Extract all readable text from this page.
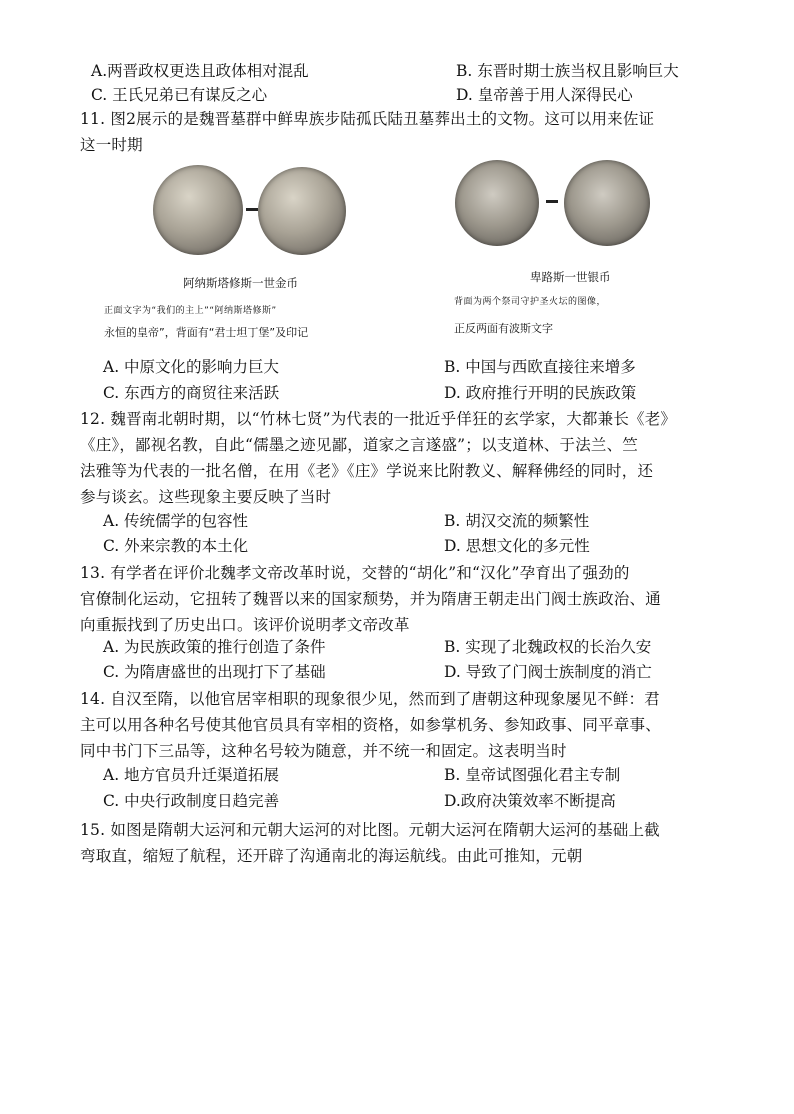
A.两晋政权更迭且政体相对混乱	B. 东晋时期士族当权且影响巨大
C. 王氏兄弟已有谋反之心	D. 皇帝善于用人深得民心
11. 图2展示的是魏晋墓群中鲜卑族步陆孤氏陆丑墓葬出土的文物。这可以用来佐证
这一时期
阿纳斯塔修斯一世金币
正面文字为“我们的主上”“阿纳斯塔修斯”
永恒的皇帝”，背面有“君士坦丁堡”及印记
卑路斯一世银币
背面为两个祭司守护圣火坛的图像，
正反两面有波斯文字
A. 中原文化的影响力巨大	B. 中国与西欧直接往来增多
C. 东西方的商贸往来活跃	D. 政府推行开明的民族政策
12. 魏晋南北朝时期，以“竹林七贤”为代表的一批近乎佯狂的玄学家，大都兼长《老》
《庄》，鄙视名教，自此“儒墨之迹见鄙，道家之言遂盛”；以支道林、于法兰、竺
法雅等为代表的一批名僧，在用《老》《庄》学说来比附教义、解释佛经的同时，还
参与谈玄。这些现象主要反映了当时
A. 传统儒学的包容性	B. 胡汉交流的频繁性
C. 外来宗教的本土化	D. 思想文化的多元性
13. 有学者在评价北魏孝文帝改革时说，交替的“胡化”和“汉化”孕育出了强劲的
官僚制化运动，它扭转了魏晋以来的国家颓势，并为隋唐王朝走出门阀士族政治、通
向重振找到了历史出口。该评价说明孝文帝改革
A. 为民族政策的推行创造了条件	B. 实现了北魏政权的长治久安
C. 为隋唐盛世的出现打下了基础	D. 导致了门阀士族制度的消亡
14. 自汉至隋，以他官居宰相职的现象很少见，然而到了唐朝这种现象屡见不鲜：君
主可以用各种名号使其他官员具有宰相的资格，如参掌机务、参知政事、同平章事、
同中书门下三品等，这种名号较为随意，并不统一和固定。这表明当时
A. 地方官员升迁渠道拓展	B. 皇帝试图强化君主专制
C. 中央行政制度日趋完善	D.政府决策效率不断提高
15. 如图是隋朝大运河和元朝大运河的对比图。元朝大运河在隋朝大运河的基础上截
弯取直，缩短了航程，还开辟了沟通南北的海运航线。由此可推知，元朝
